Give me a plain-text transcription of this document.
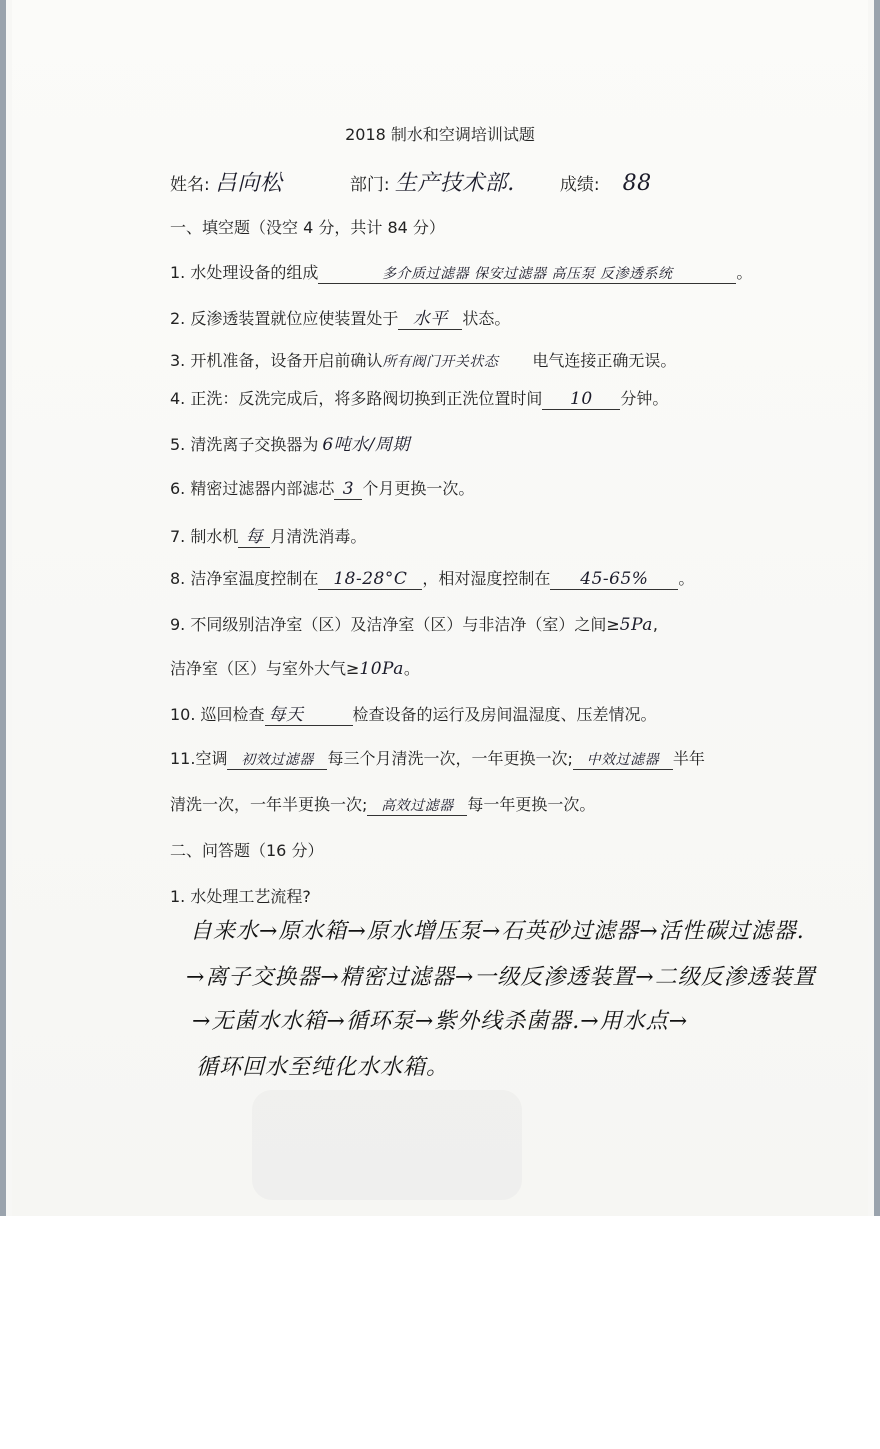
2018 制水和空调培训试题
姓名: 吕向松	部门: 生产技术部.	成绩: 88
一、填空题（没空 4 分，共计 84 分）
1. 水处理设备的组成	多介质过滤器 保安过滤器 高压泵 反渗透系统	。
2. 反渗透装置就位应使装置处于 水平 状态。
3. 开机准备，设备开启前确认所有阀门开关状态 电气连接正确无误。
4. 正洗：反洗完成后，将多路阀切换到正洗位置时间 10 分钟。
5. 清洗离子交换器为 6吨水/周期
6. 精密过滤器内部滤芯 3 个月更换一次。
7. 制水机 每 月清洗消毒。
8. 洁净室温度控制在 18-28°C ，相对湿度控制在 45-65% 。
9. 不同级别洁净室（区）及洁净室（区）与非洁净（室）之间≥5Pa,
洁净室（区）与室外大气≥10Pa。
10. 巡回检查 每天	检查设备的运行及房间温湿度、压差情况。
11.空调 初效过滤器 每三个月清洗一次，一年更换一次; 中效过滤器 半年
清洗一次，一年半更换一次; 高效过滤器 每一年更换一次。
二、问答题（16 分）
1. 水处理工艺流程?
自来水→原水箱→原水增压泵→石英砂过滤器→活性碳过滤器.
→离子交换器→精密过滤器→一级反渗透装置→二级反渗透装置
→无菌水水箱→循环泵→紫外线杀菌器.→用水点→
循环回水至纯化水水箱。
